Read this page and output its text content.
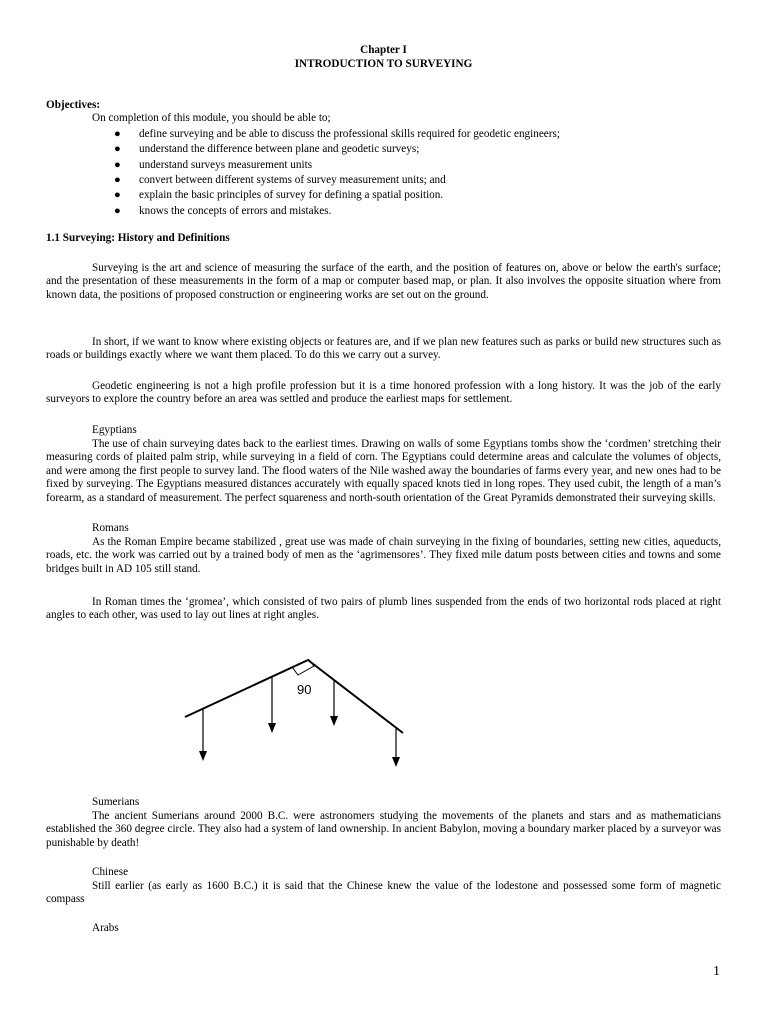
Chapter I
INTRODUCTION TO SURVEYING
Objectives:
On completion of this module, you should be able to;
● define surveying and be able to discuss the professional skills required for geodetic engineers;
● understand the difference between plane and geodetic surveys;
● understand surveys measurement units
● convert between different systems of survey measurement units; and
● explain the basic principles of survey for defining a spatial position.
● knows the concepts of errors and mistakes.
1.1 Surveying: History and Definitions
Surveying is the art and science of measuring the surface of the earth, and the position of features on, above or below the earth's surface; and the presentation of these measurements in the form of a map or computer based map, or plan. It also involves the opposite situation where from known data, the positions of proposed construction or engineering works are set out on the ground.
In short, if we want to know where existing objects or features are, and if we plan new features such as parks or build new structures such as roads or buildings exactly where we want them placed. To do this we carry out a survey.
Geodetic engineering is not a high profile profession but it is a time honored profession with a long history. It was the job of the early surveyors to explore the country before an area was settled and produce the earliest maps for settlement.
Egyptians
The use of chain surveying dates back to the earliest times. Drawing on walls of some Egyptians tombs show the ‘cordmen’ stretching their measuring cords of plaited palm strip, while surveying in a field of corn. The Egyptians could determine areas and calculate the volumes of objects, and were among the first people to survey land. The flood waters of the Nile washed away the boundaries of farms every year, and new ones had to be fixed by surveying. The Egyptians measured distances accurately with equally spaced knots tied in long ropes. They used cubit, the length of a man’s forearm, as a standard of measurement. The perfect squareness and north-south orientation of the Great Pyramids demonstrated their surveying skills.
Romans
As the Roman Empire became stabilized , great use was made of chain surveying in the fixing of boundaries, setting new cities, aqueducts, roads, etc. the work was carried out by a trained body of men as the ‘agrimensores’. They fixed mile datum posts between cities and towns and some bridges built in AD 105 still stand.
In Roman times the ‘gromea’, which consisted of two pairs of plumb lines suspended from the ends of two horizontal rods placed at right angles to each other, was used to lay out lines at right angles.
Sumerians
The ancient Sumerians around 2000 B.C. were astronomers studying the movements of the planets and stars and as mathematicians established the 360 degree circle. They also had a system of land ownership. In ancient Babylon, moving a boundary marker placed by a surveyor was punishable by death!
Chinese
Still earlier (as early as 1600 B.C.) it is said that the Chinese knew the value of the lodestone and possessed some form of magnetic compass
Arabs
90
1
